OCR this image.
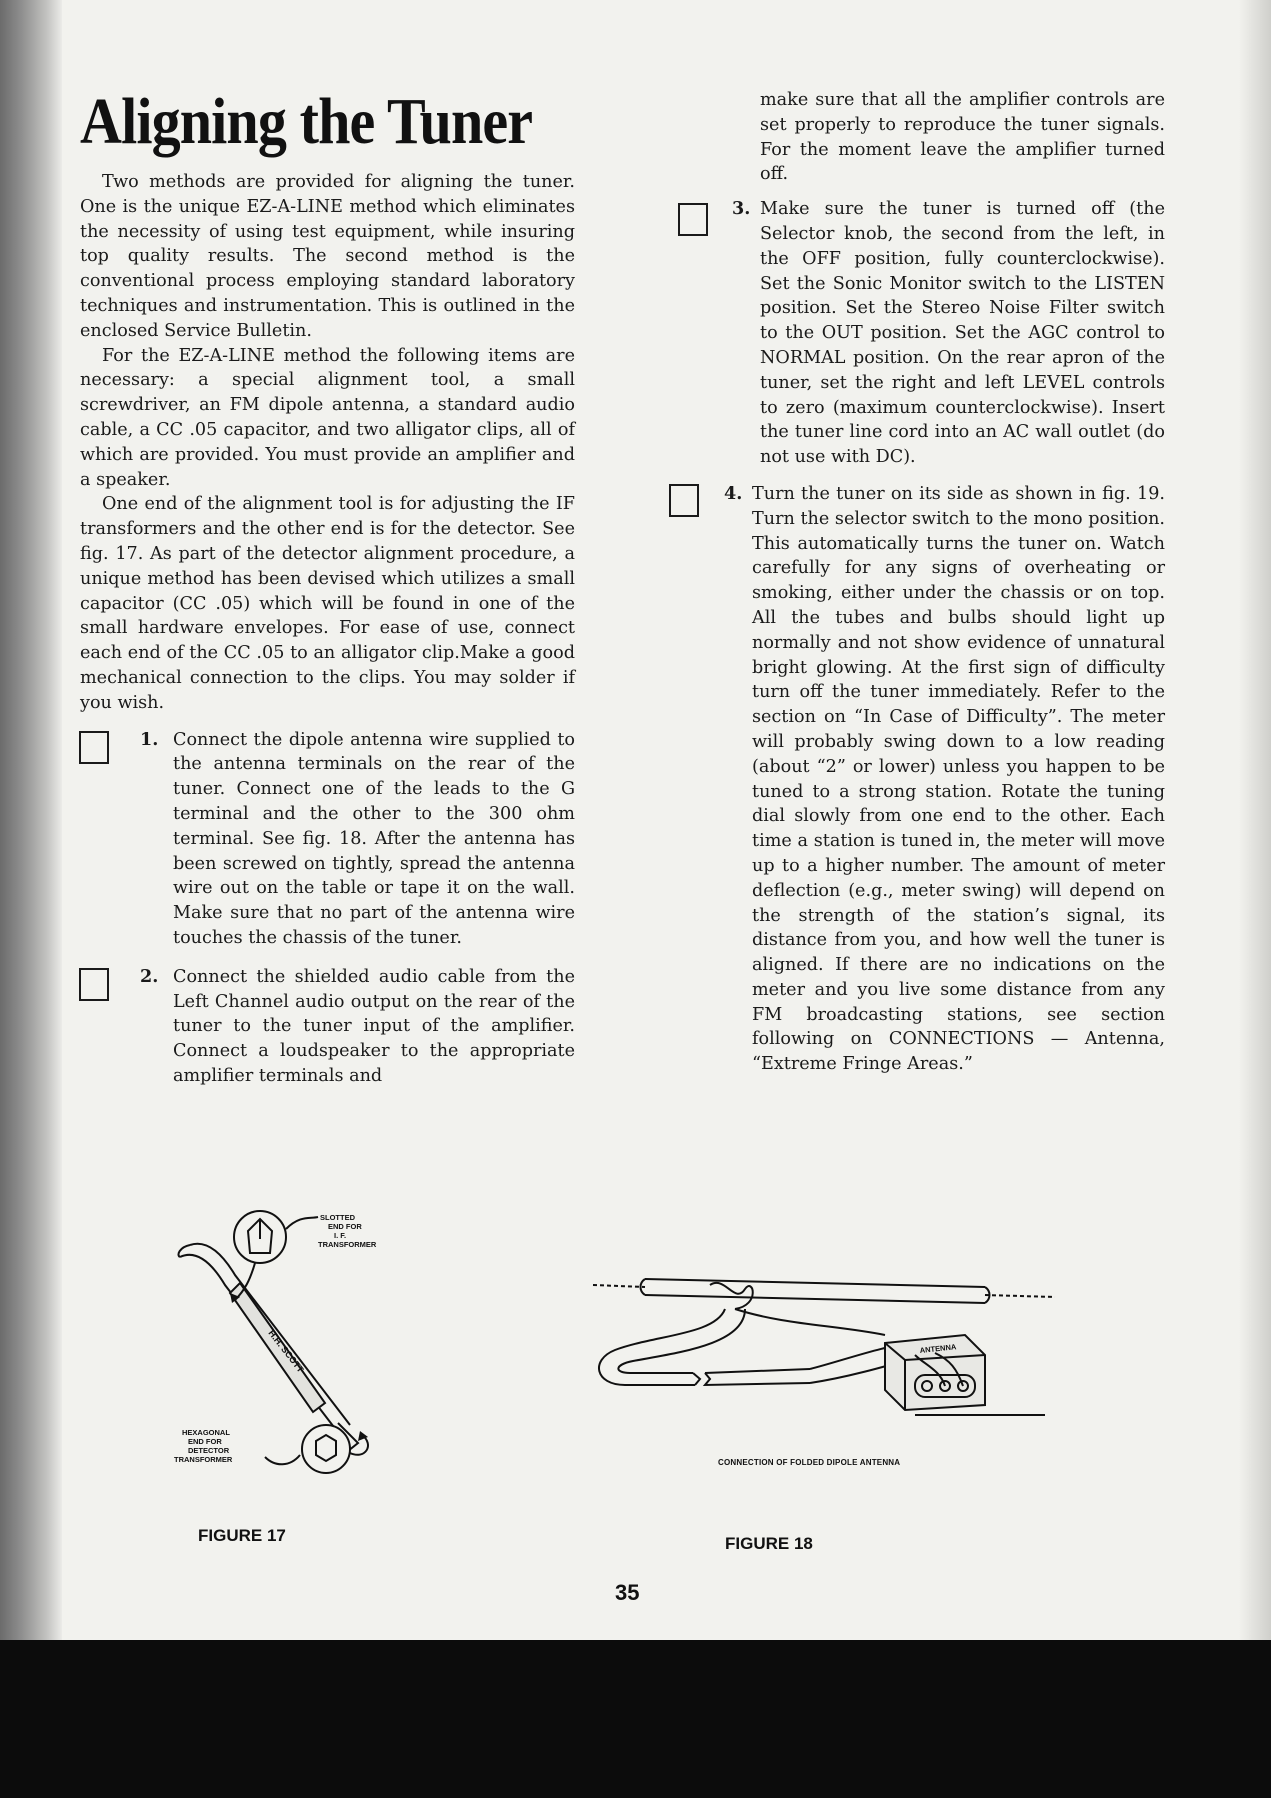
Aligning the Tuner

Two methods are provided for aligning the tuner. One is the unique EZ-A-LINE method which eliminates the necessity of using test equipment, while insuring top quality results. The second method is the conventional process employing standard laboratory techniques and instrumentation. This is outlined in the enclosed Service Bulletin.

For the EZ-A-LINE method the following items are necessary: a special alignment tool, a small screwdriver, an FM dipole antenna, a standard audio cable, a CC .05 capacitor, and two alligator clips, all of which are provided. You must provide an amplifier and a speaker.

One end of the alignment tool is for adjusting the IF transformers and the other end is for the detector. See fig. 17. As part of the detector alignment procedure, a unique method has been devised which utilizes a small capacitor (CC .05) which will be found in one of the small hardware envelopes. For ease of use, connect each end of the CC .05 to an alligator clip.Make a good mechanical connection to the clips. You may solder if you wish.

1. Connect the dipole antenna wire supplied to the antenna terminals on the rear of the tuner. Connect one of the leads to the G terminal and the other to the 300 ohm terminal. See fig. 18. After the antenna has been screwed on tightly, spread the antenna wire out on the table or tape it on the wall. Make sure that no part of the antenna wire touches the chassis of the tuner.
2. Connect the shielded audio cable from the Left Channel audio output on the rear of the tuner to the tuner input of the amplifier. Connect a loudspeaker to the appropriate amplifier terminals and

make sure that all the amplifier controls are set properly to reproduce the tuner signals. For the moment leave the amplifier turned off.

3. Make sure the tuner is turned off (the Selector knob, the second from the left, in the OFF position, fully counterclockwise). Set the Sonic Monitor switch to the LISTEN position. Set the Stereo Noise Filter switch to the OUT position. Set the AGC control to NORMAL position. On the rear apron of the tuner, set the right and left LEVEL controls to zero (maximum counterclockwise). Insert the tuner line cord into an AC wall outlet (do not use with DC).
4. Turn the tuner on its side as shown in fig. 19. Turn the selector switch to the mono position. This automatically turns the tuner on. Watch carefully for any signs of overheating or smoking, either under the chassis or on top. All the tubes and bulbs should light up normally and not show evidence of unnatural bright glowing. At the first sign of difficulty turn off the tuner immediately. Refer to the section on “In Case of Difficulty”. The meter will probably swing down to a low reading (about “2” or lower) unless you happen to be tuned to a strong station. Rotate the tuning dial slowly from one end to the other. Each time a station is tuned in, the meter will move up to a higher number. The amount of meter deflection (e.g., meter swing) will depend on the strength of the station’s signal, its distance from you, and how well the tuner is aligned. If there are no indications on the meter and you live some distance from any FM broadcasting stations, see section following on CONNECTIONS — Antenna, “Extreme Fringe Areas.”
H.H. SCOTT
SLOTTED
END FOR
I. F.
TRANSFORMER
HEXAGONAL
END FOR
DETECTOR
TRANSFORMER
FIGURE 17
ANTENNA
CONNECTION OF FOLDED DIPOLE ANTENNA
FIGURE 18
35
